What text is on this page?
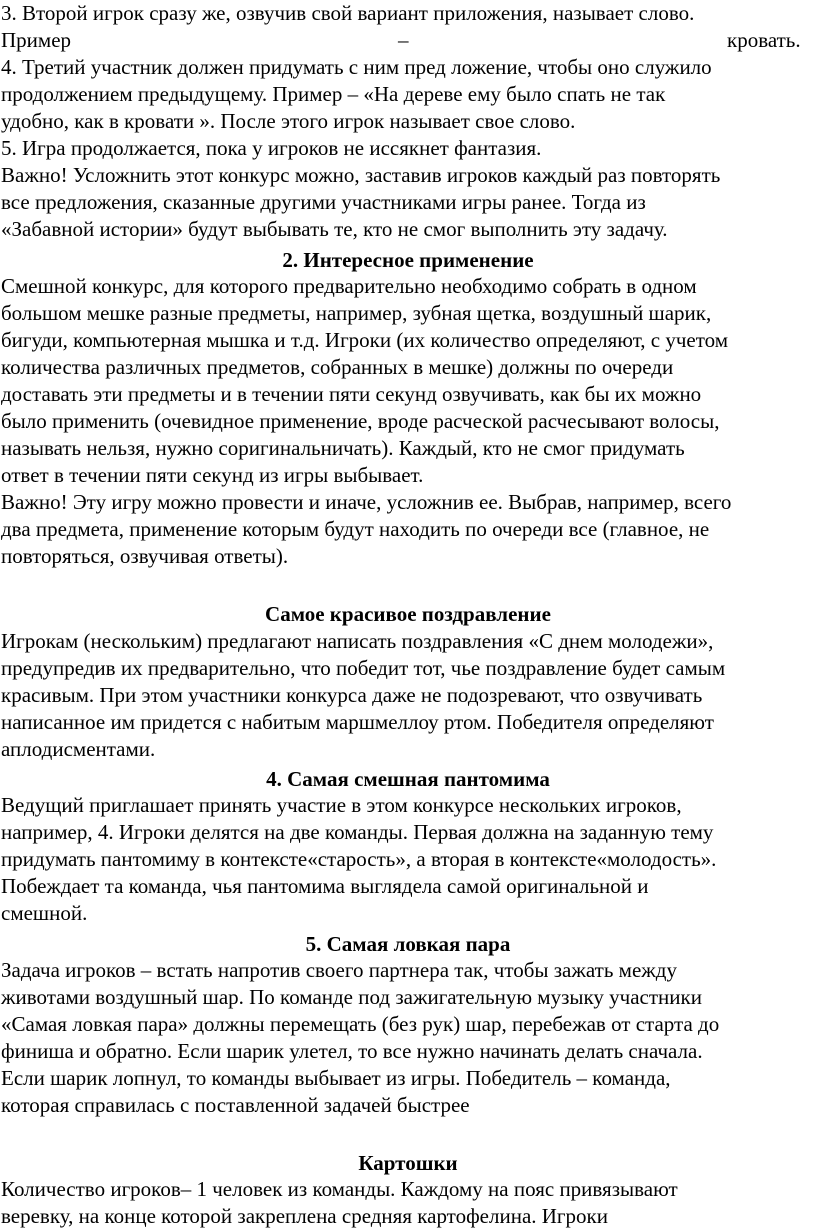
3. Второй игрок сразу же, озвучив свой вариант приложения, называет слово.
Пример	–	кровать.
4. Третий участник должен придумать с ним пред ложение, чтобы оно служило
продолжением предыдущему. Пример – «На дереве ему было спать не так
удобно, как в кровати ». После этого игрок называет свое слово.
5. Игра продолжается, пока у игроков не иссякнет фантазия.
Важно! Усложнить этот конкурс можно, заставив игроков каждый раз повторять
все предложения, сказанные другими участниками игры ранее. Тогда из
«Забавной истории» будут выбывать те, кто не смог выполнить эту задачу.
2. Интересное применение
Смешной конкурс, для которого предварительно необходимо собрать в одном
большом мешке разные предметы, например, зубная щетка, воздушный шарик,
бигуди, компьютерная мышка и т.д. Игроки (их количество определяют, с учетом
количества различных предметов, собранных в мешке) должны по очереди
доставать эти предметы и в течении пяти секунд озвучивать, как бы их можно
было применить (очевидное применение, вроде расческой расчесывают волосы,
называть нельзя, нужно соригинальничать). Каждый, кто не смог придумать
ответ в течении пяти секунд из игры выбывает.
Важно! Эту игру можно провести и иначе, усложнив ее. Выбрав, например, всего
два предмета, применение которым будут находить по очереди все (главное, не
повторяться, озвучивая ответы).
Самое красивое поздравление
Игрокам (нескольким) предлагают написать поздравления «С днем молодежи»,
предупредив их предварительно, что победит тот, чье поздравление будет самым
красивым. При этом участники конкурса даже не подозревают, что озвучивать
написанное им придется с набитым маршмеллоу ртом. Победителя определяют
аплодисментами.
4. Самая смешная пантомима
Ведущий приглашает принять участие в этом конкурсе нескольких игроков,
например, 4. Игроки делятся на две команды. Первая должна на заданную тему
придумать пантомиму в контексте«старость», а вторая в контексте«молодость».
Побеждает та команда, чья пантомима выглядела самой оригинальной и
смешной.
5. Самая ловкая пара
Задача игроков – встать напротив своего партнера так, чтобы зажать между
животами воздушный шар. По команде под зажигательную музыку участники
«Самая ловкая пара» должны перемещать (без рук) шар, перебежав от старта до
финиша и обратно. Если шарик улетел, то все нужно начинать делать сначала.
Если шарик лопнул, то команды выбывает из игры. Победитель – команда,
которая справилась с поставленной задачей быстрее
Картошки
Количество игроков– 1 человек из команды. Каждому на пояс привязывают
веревку, на конце которой закреплена средняя картофелина. Игроки
